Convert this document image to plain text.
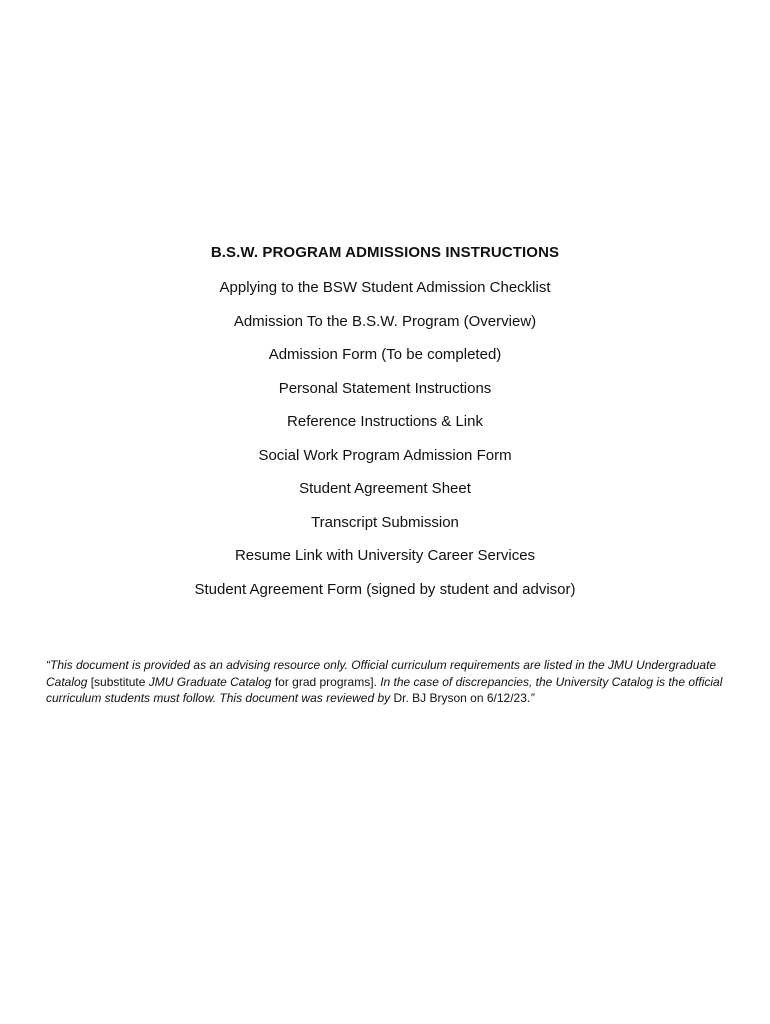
B.S.W. PROGRAM ADMISSIONS INSTRUCTIONS
Applying to the BSW Student Admission Checklist
Admission To the B.S.W. Program (Overview)
Admission Form (To be completed)
Personal Statement Instructions
Reference Instructions & Link
Social Work Program Admission Form
Student Agreement Sheet
Transcript Submission
Resume Link with University Career Services
Student Agreement Form (signed by student and advisor)

“This document is provided as an advising resource only. Official curriculum requirements are listed in the JMU Undergraduate Catalog [substitute JMU Graduate Catalog for grad programs]. In the case of discrepancies, the University Catalog is the official curriculum students must follow. This document was reviewed by Dr. BJ Bryson on 6/12/23.”
